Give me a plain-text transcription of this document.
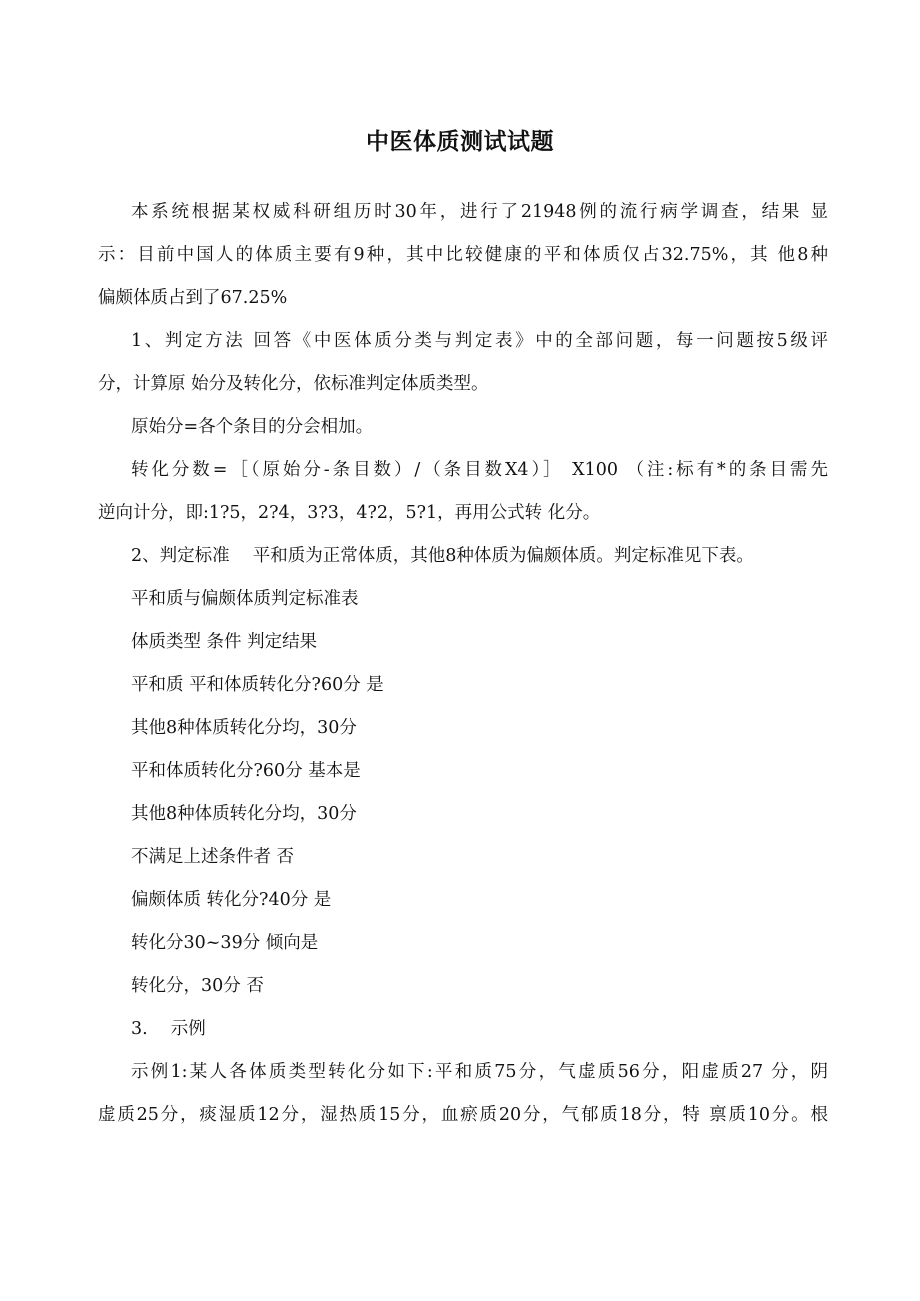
中医体质测试试题
本系统根据某权威科研组历时30年，进行了21948例的流行病学调查，结果 显
示：目前中国人的体质主要有9种，其中比较健康的平和体质仅占32.75%，其 他8种
偏颇体质占到了67.25%
1、判定方法 回答《中医体质分类与判定表》中的全部问题，每一问题按5级评
分，计算原 始分及转化分，依标准判定体质类型。
原始分=各个条目的分会相加。
转化分数=［（原始分-条目数）/（条目数X4）］ X100 （注:标有*的条目需先
逆向计分，即:1?5，2?4，3?3，4?2，5?1，再用公式转 化分。
2、判定标准　 平和质为正常体质，其他8种体质为偏颇体质。判定标准见下表。
平和质与偏颇体质判定标准表
体质类型 条件 判定结果
平和质 平和体质转化分?60分 是
其他8种体质转化分均，30分
平和体质转化分?60分 基本是
其他8种体质转化分均，30分
不满足上述条件者 否
偏颇体质 转化分?40分 是
转化分30~39分 倾向是
转化分，30分 否
3.　 示例
示例1:某人各体质类型转化分如下:平和质75分，气虚质56分，阳虚质27 分，阴
虚质25分，痰湿质12分，湿热质15分，血瘀质20分，气郁质18分，特 禀质10分。根
